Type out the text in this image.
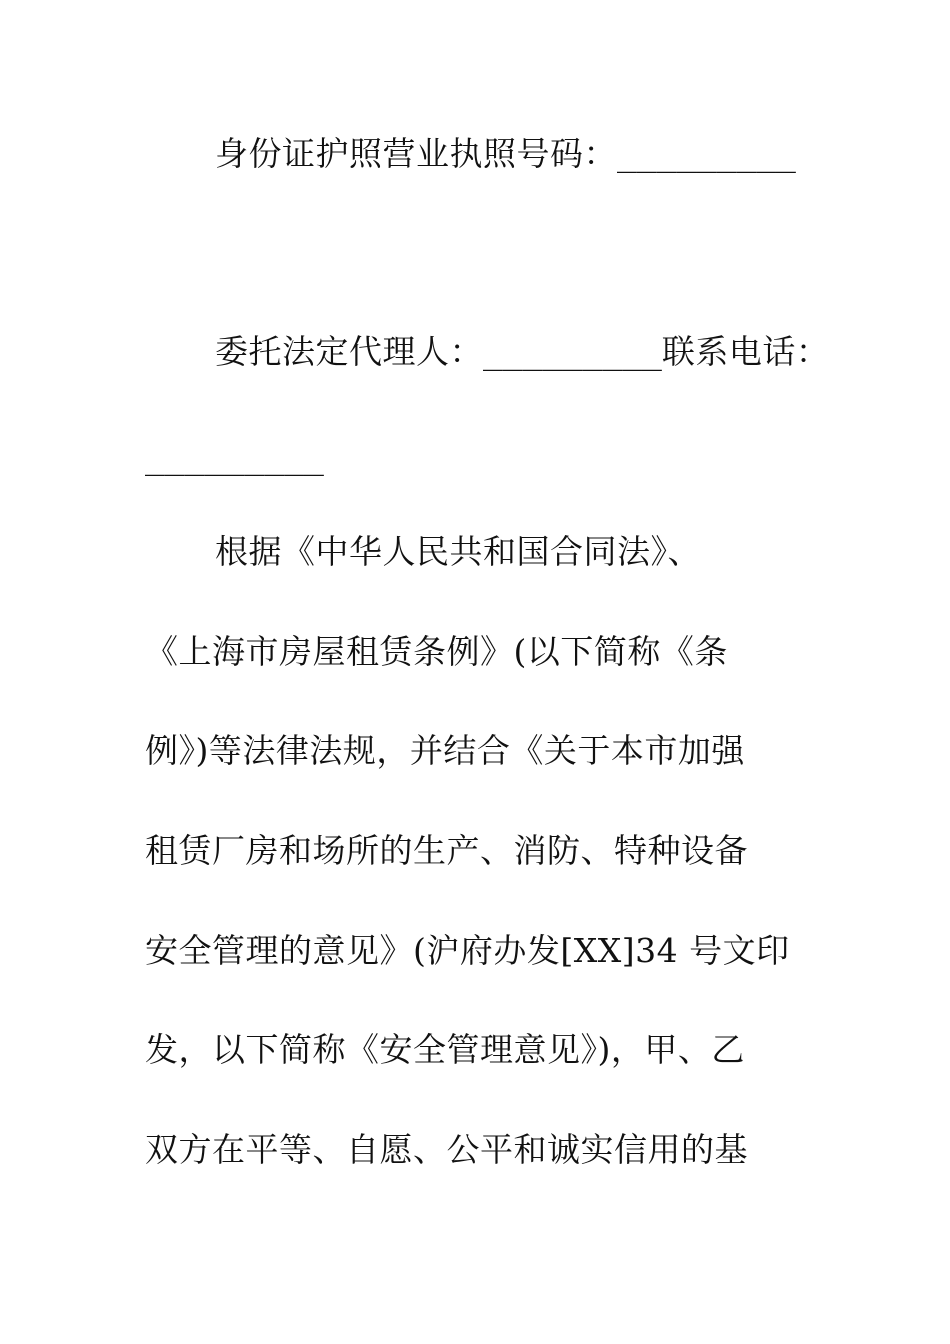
身份证护照营业执照号码：_________
委托法定代理人：_________联系电话：
_________
根据《中华人民共和国合同法》、
《上海市房屋租赁条例》(以下简称《条
例》)等法律法规，并结合《关于本市加强
租赁厂房和场所的生产、消防、特种设备
安全管理的意见》(沪府办发[XX]34 号文印
发，以下简称《安全管理意见》)，甲、乙
双方在平等、自愿、公平和诚实信用的基
